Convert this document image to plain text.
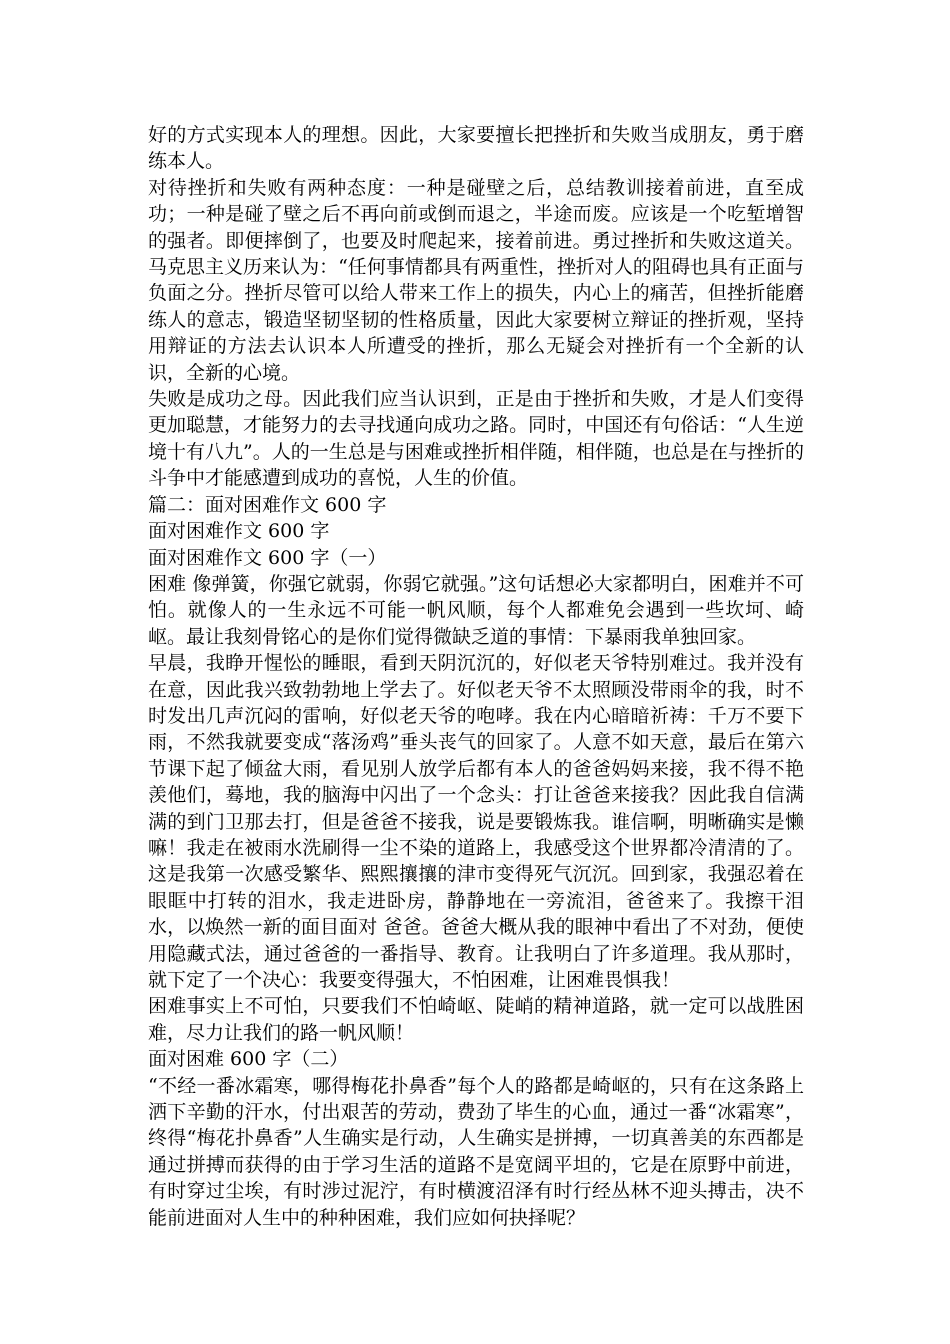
好的方式实现本人的理想。因此，大家要擅长把挫折和失败当成朋友，勇于磨练本人。

对待挫折和失败有两种态度：一种是碰壁之后，总结教训接着前进，直至成功；一种是碰了壁之后不再向前或倒而退之，半途而废。应该是一个吃堑增智的强者。即便摔倒了，也要及时爬起来，接着前进。勇过挫折和失败这道关。马克思主义历来认为：“任何事情都具有两重性，挫折对人的阻碍也具有正面与负面之分。挫折尽管可以给人带来工作上的损失，内心上的痛苦，但挫折能磨练人的意志，锻造坚韧坚韧的性格质量，因此大家要树立辩证的挫折观，坚持用辩证的方法去认识本人所遭受的挫折，那么无疑会对挫折有一个全新的认识，全新的心境。

失败是成功之母。因此我们应当认识到，正是由于挫折和失败，才是人们变得更加聪慧，才能努力的去寻找通向成功之路。同时，中国还有句俗话：“人生逆境十有八九”。人的一生总是与困难或挫折相伴随，相伴随，也总是在与挫折的斗争中才能感遭到成功的喜悦，人生的价值。

篇二：面对困难作文 600 字

面对困难作文 600 字

面对困难作文 600 字（一）

困难 像弹簧，你强它就弱，你弱它就强。”这句话想必大家都明白，困难并不可怕。就像人的一生永远不可能一帆风顺，每个人都难免会遇到一些坎坷、崎岖。最让我刻骨铭心的是你们觉得微缺乏道的事情：下暴雨我单独回家。

早晨，我睁开惺忪的睡眼，看到天阴沉沉的，好似老天爷特别难过。我并没有在意，因此我兴致勃勃地上学去了。好似老天爷不太照顾没带雨伞的我，时不时发出几声沉闷的雷响，好似老天爷的咆哮。我在内心暗暗祈祷：千万不要下雨，不然我就要变成“落汤鸡”垂头丧气的回家了。人意不如天意，最后在第六节课下起了倾盆大雨，看见别人放学后都有本人的爸爸妈妈来接，我不得不艳羡他们，蓦地，我的脑海中闪出了一个念头：打让爸爸来接我？因此我自信满满的到门卫那去打，但是爸爸不接我，说是要锻炼我。谁信啊，明晰确实是懒嘛！我走在被雨水洗刷得一尘不染的道路上，我感受这个世界都冷清清的了。这是我第一次感受繁华、熙熙攘攘的津市变得死气沉沉。回到家，我强忍着在眼眶中打转的泪水，我走进卧房，静静地在一旁流泪，爸爸来了。我擦干泪水，以焕然一新的面目面对 爸爸。爸爸大概从我的眼神中看出了不对劲，便使用隐藏式法，通过爸爸的一番指导、教育。让我明白了许多道理。我从那时，就下定了一个决心：我要变得强大，不怕困难，让困难畏惧我！

困难事实上不可怕，只要我们不怕崎岖、陡峭的精神道路，就一定可以战胜困难，尽力让我们的路一帆风顺！

面对困难 600 字（二）

“不经一番冰霜寒，哪得梅花扑鼻香”每个人的路都是崎岖的，只有在这条路上洒下辛勤的汗水，付出艰苦的劳动，费劲了毕生的心血，通过一番“冰霜寒”，终得“梅花扑鼻香”人生确实是行动，人生确实是拼搏，一切真善美的东西都是通过拼搏而获得的由于学习生活的道路不是宽阔平坦的，它是在原野中前进，有时穿过尘埃，有时涉过泥泞，有时横渡沼泽有时行经丛林不迎头搏击，决不能前进面对人生中的种种困难，我们应如何抉择呢？
